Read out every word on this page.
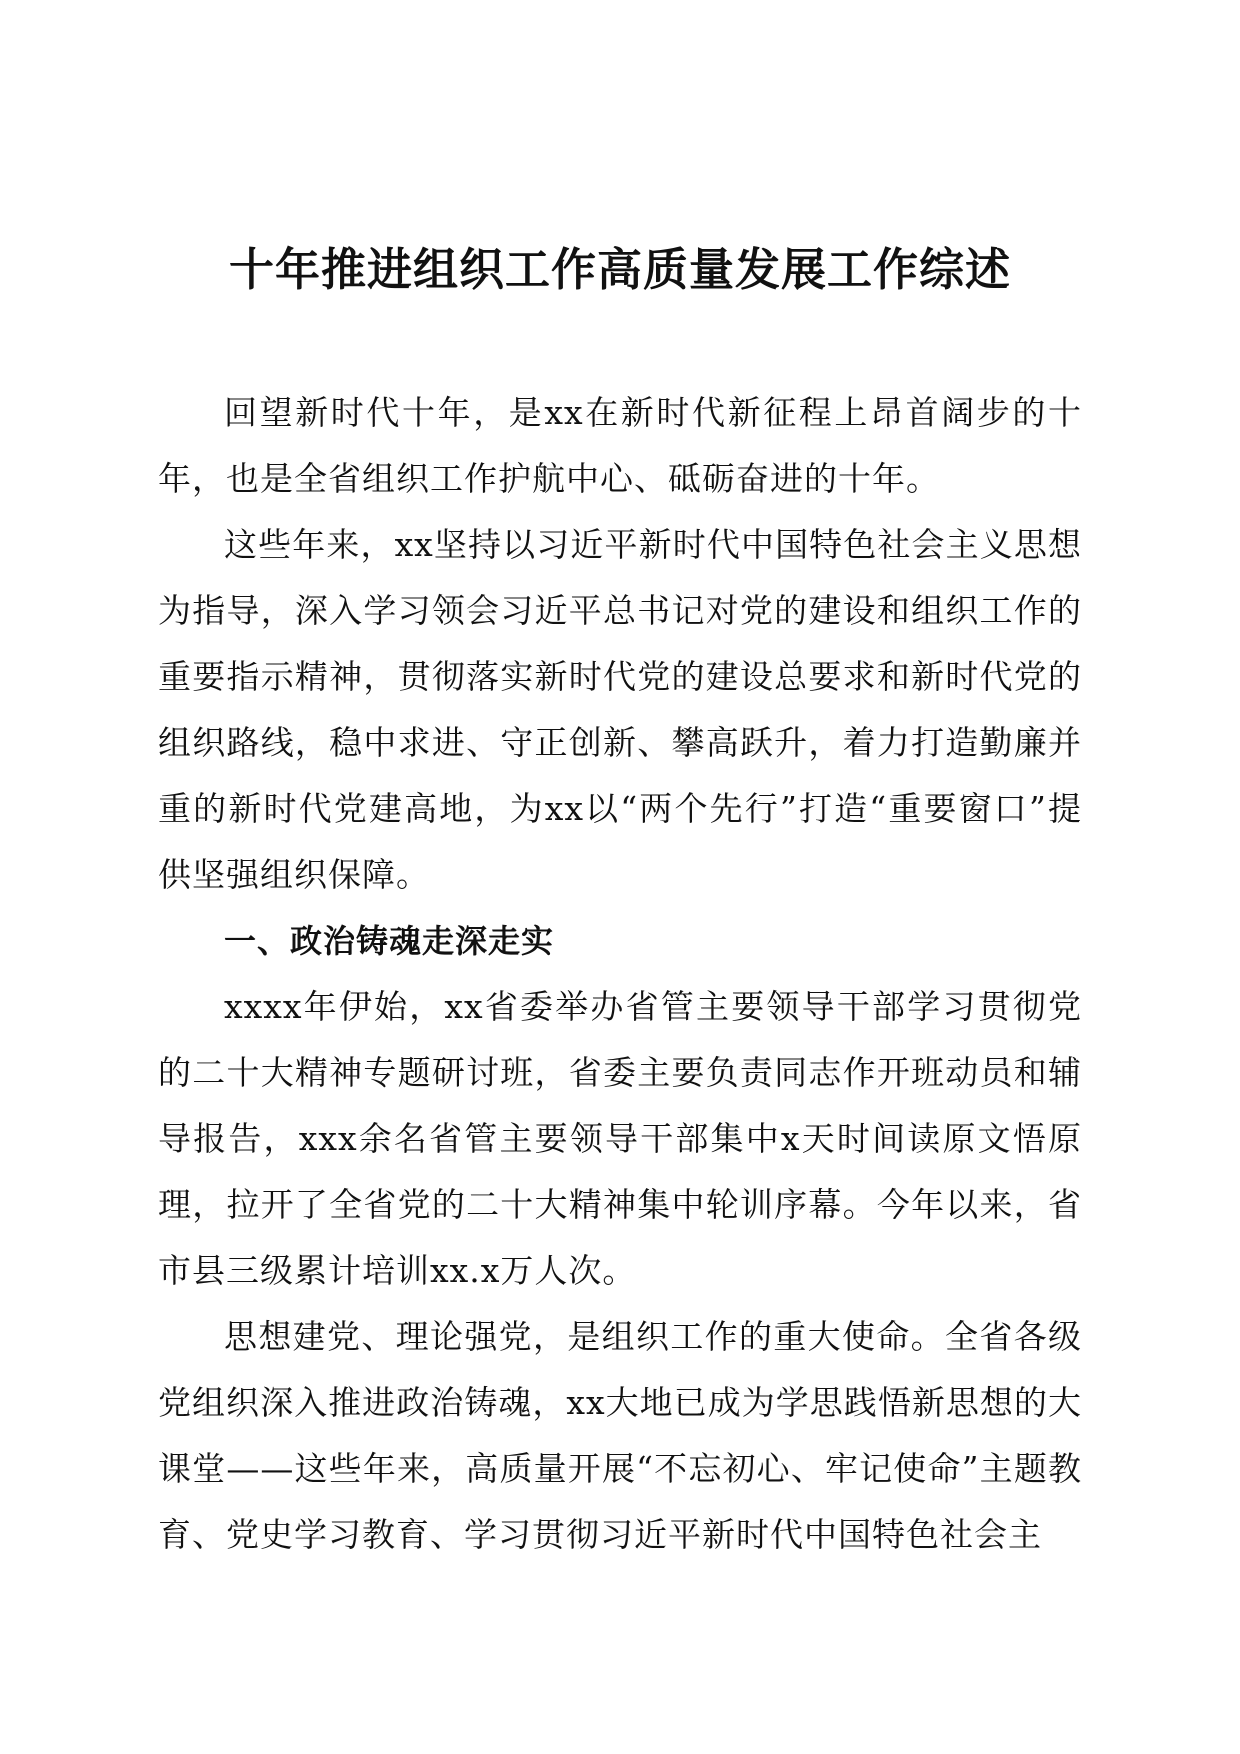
十年推进组织工作高质量发展工作综述

回望新时代十年，是xx在新时代新征程上昂首阔步的十年，也是全省组织工作护航中心、砥砺奋进的十年。

这些年来，xx坚持以习近平新时代中国特色社会主义思想为指导，深入学习领会习近平总书记对党的建设和组织工作的重要指示精神，贯彻落实新时代党的建设总要求和新时代党的组织路线，稳中求进、守正创新、攀高跃升，着力打造勤廉并重的新时代党建高地，为xx以“两个先行”打造“重要窗口”提供坚强组织保障。

一、政治铸魂走深走实

xxxx年伊始，xx省委举办省管主要领导干部学习贯彻党的二十大精神专题研讨班，省委主要负责同志作开班动员和辅导报告，xxx余名省管主要领导干部集中x天时间读原文悟原理，拉开了全省党的二十大精神集中轮训序幕。今年以来，省市县三级累计培训xx.x万人次。

思想建党、理论强党，是组织工作的重大使命。全省各级党组织深入推进政治铸魂，xx大地已成为学思践悟新思想的大课堂——这些年来，高质量开展“不忘初心、牢记使命”主题教育、党史学习教育、学习贯彻习近平新时代中国特色社会主
